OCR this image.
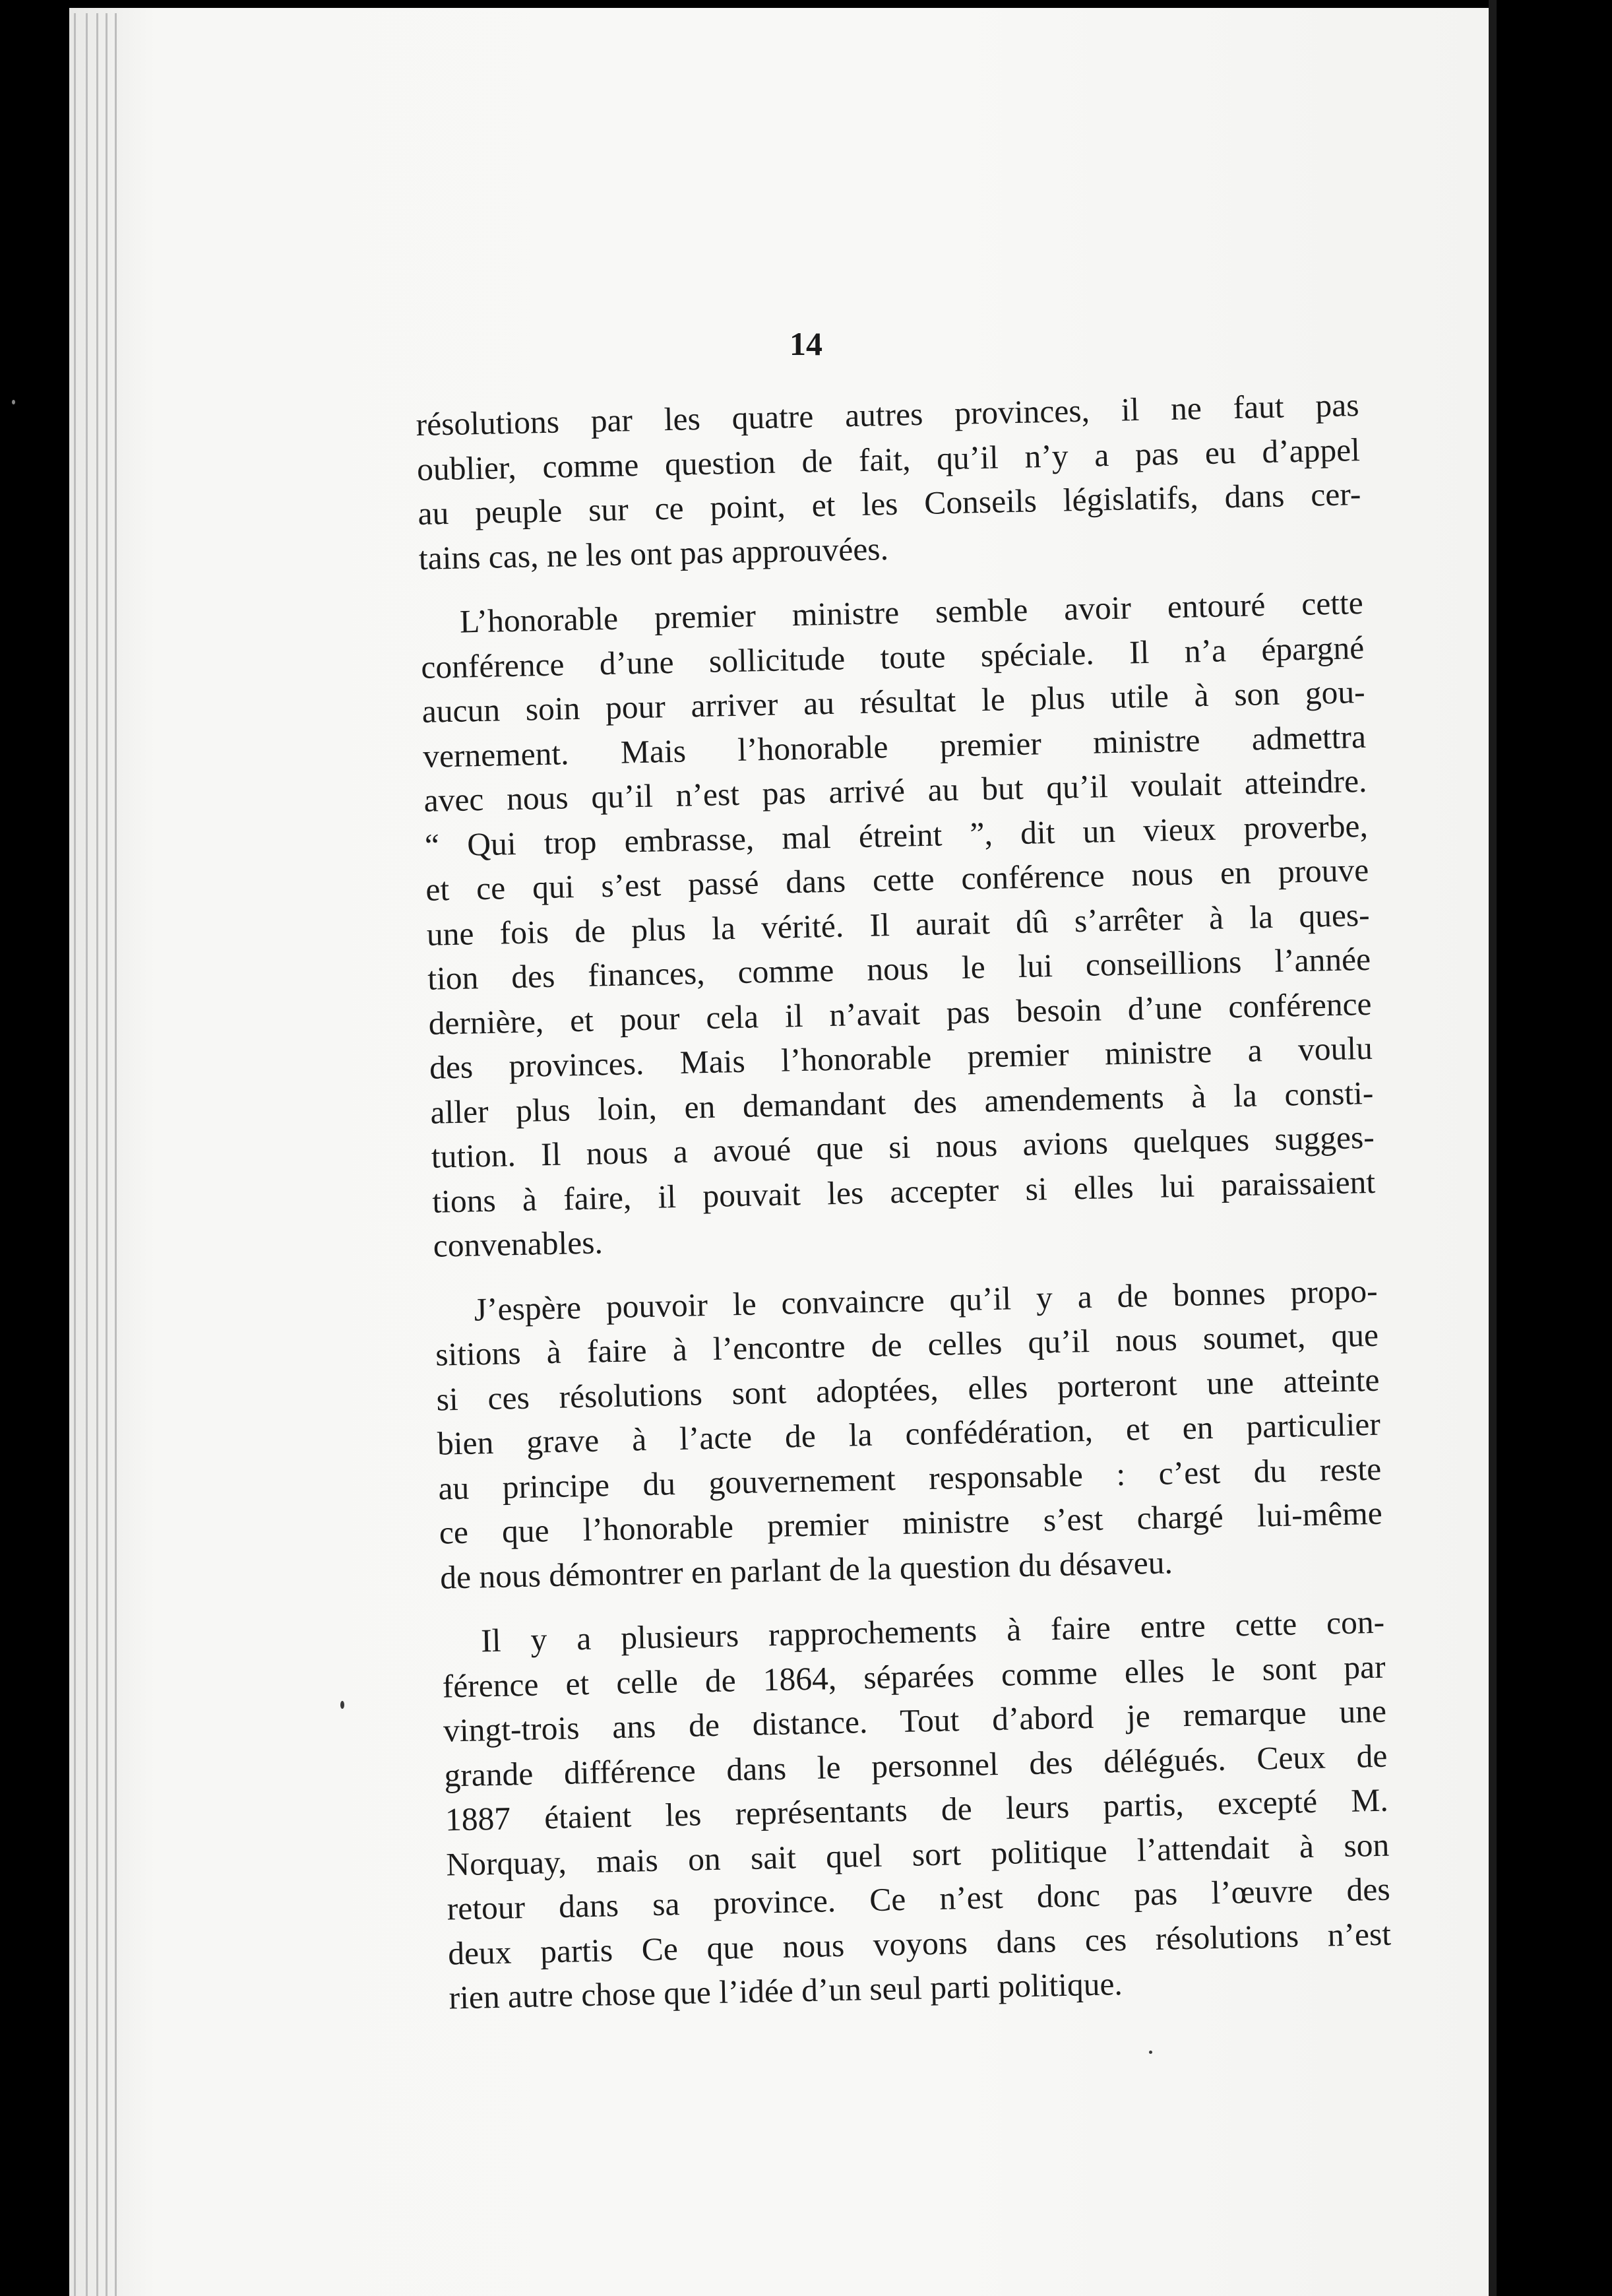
14
résolutions par les quatre autres provinces, il ne faut pas
oublier, comme question de fait, qu’il n’y a pas eu d’appel
au peuple sur ce point, et les Conseils législatifs, dans cer-
tains cas, ne les ont pas approuvées.
L’honorable premier ministre semble avoir entouré cette
conférence d’une sollicitude toute spéciale. Il n’a épargné
aucun soin pour arriver au résultat le plus utile à son gou-
vernement. Mais l’honorable premier ministre admettra
avec nous qu’il n’est pas arrivé au but qu’il voulait atteindre.
“ Qui trop embrasse, mal étreint ”, dit un vieux proverbe,
et ce qui s’est passé dans cette conférence nous en prouve
une fois de plus la vérité. Il aurait dû s’arrêter à la ques-
tion des finances, comme nous le lui conseillions l’année
dernière, et pour cela il n’avait pas besoin d’une conférence
des provinces. Mais l’honorable premier ministre a voulu
aller plus loin, en demandant des amendements à la consti-
tution. Il nous a avoué que si nous avions quelques sugges-
tions à faire, il pouvait les accepter si elles lui paraissaient
convenables.
J’espère pouvoir le convaincre qu’il y a de bonnes propo-
sitions à faire à l’encontre de celles qu’il nous soumet, que
si ces résolutions sont adoptées, elles porteront une atteinte
bien grave à l’acte de la confédération, et en particulier
au principe du gouvernement responsable : c’est du reste
ce que l’honorable premier ministre s’est chargé lui-même
de nous démontrer en parlant de la question du désaveu.
Il y a plusieurs rapprochements à faire entre cette con-
férence et celle de 1864, séparées comme elles le sont par
vingt-trois ans de distance. Tout d’abord je remarque une
grande différence dans le personnel des délégués. Ceux de
1887 étaient les représentants de leurs partis, excepté M.
Norquay, mais on sait quel sort politique l’attendait à son
retour dans sa province. Ce n’est donc pas l’œuvre des
deux partis Ce que nous voyons dans ces résolutions n’est
rien autre chose que l’idée d’un seul parti politique.
